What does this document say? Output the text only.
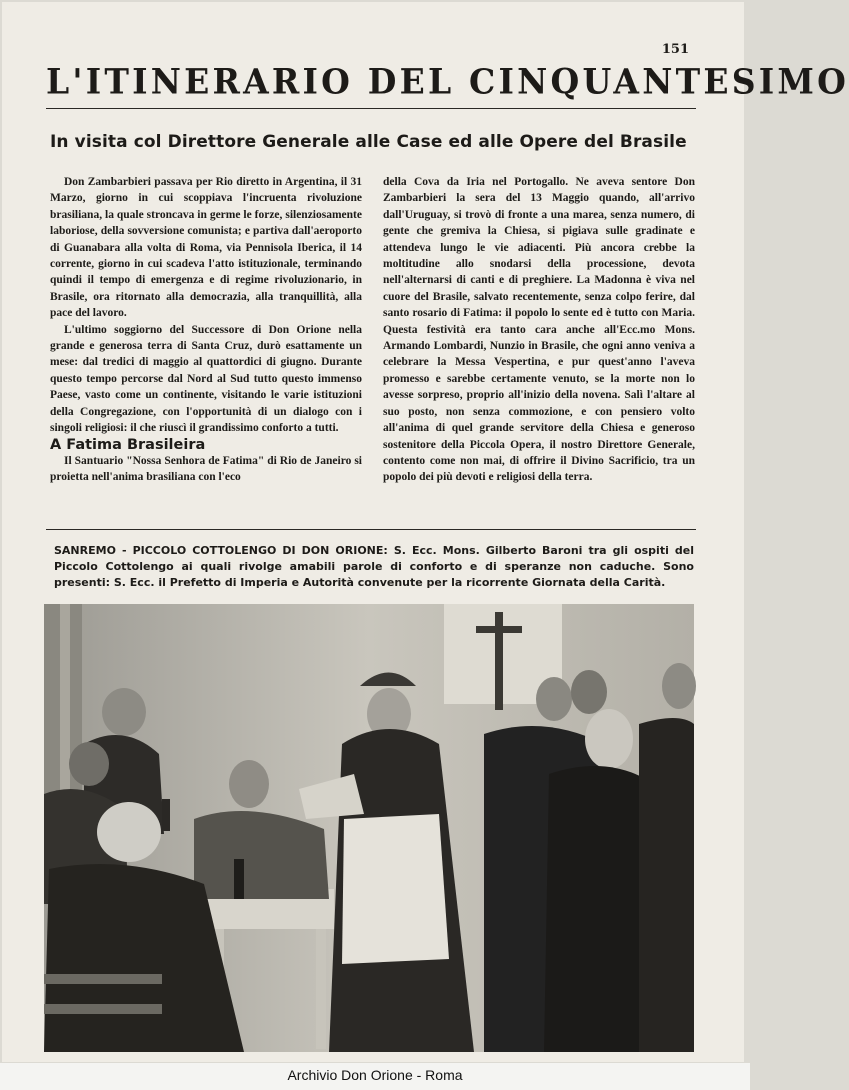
151
L'ITINERARIO DEL CINQUANTESIMO
In visita col Direttore Generale alle Case ed alle Opere del Brasile

Don Zambarbieri passava per Rio diretto in Argentina, il 31 Marzo, giorno in cui scoppiava l'incruenta rivoluzione brasiliana, la quale stroncava in germe le forze, silenziosamente laboriose, della sovversione comunista; e partiva dall'aeroporto di Guanabara alla volta di Roma, via Pennisola Iberica, il 14 corrente, giorno in cui scadeva l'atto istituzionale, terminando quindi il tempo di emergenza e di regime rivoluzionario, in Brasile, ora ritornato alla democrazia, alla tranquillità, alla pace del lavoro.

L'ultimo soggiorno del Successore di Don Orione nella grande e generosa terra di Santa Cruz, durò esattamente un mese: dal tredici di maggio al quattordici di giugno. Durante questo tempo percorse dal Nord al Sud tutto questo immenso Paese, vasto come un continente, visitando le varie istituzioni della Congregazione, con l'opportunità di un dialogo con i singoli religiosi: il che riuscì il grandissimo conforto a tutti.

A Fatima Brasileira

Il Santuario "Nossa Senhora de Fatima" di Rio de Janeiro si proietta nell'anima brasiliana con l'eco

della Cova da Iria nel Portogallo. Ne aveva sentore Don Zambarbieri la sera del 13 Maggio quando, all'arrivo dall'Uruguay, si trovò di fronte a una marea, senza numero, di gente che gremiva la Chiesa, si pigiava sulle gradinate e attendeva lungo le vie adiacenti. Più ancora crebbe la moltitudine allo snodarsi della processione, devota nell'alternarsi di canti e di preghiere. La Madonna è viva nel cuore del Brasile, salvato recentemente, senza colpo ferire, dal santo rosario di Fatima: il popolo lo sente ed è tutto con Maria. Questa festività era tanto cara anche all'Ecc.mo Mons. Armando Lombardi, Nunzio in Brasile, che ogni anno veniva a celebrare la Messa Vespertina, e pur quest'anno l'aveva promesso e sarebbe certamente venuto, se la morte non lo avesse sorpreso, proprio all'inizio della novena. Salì l'altare al suo posto, non senza commozione, e con pensiero volto all'anima di quel grande servitore della Chiesa e generoso sostenitore della Piccola Opera, il nostro Direttore Generale, contento come non mai, di offrire il Divino Sacrificio, tra un popolo dei più devoti e religiosi della terra.

SANREMO - PICCOLO COTTOLENGO DI DON ORIONE: S. Ecc. Mons. Gilberto Baroni tra gli ospiti del Piccolo Cottolengo ai quali rivolge amabili parole di conforto e di speranze non caduche. Sono presenti: S. Ecc. il Prefetto di Imperia e Autorità convenute per la ricorrente Giornata della Carità.
Archivio Don Orione - Roma
